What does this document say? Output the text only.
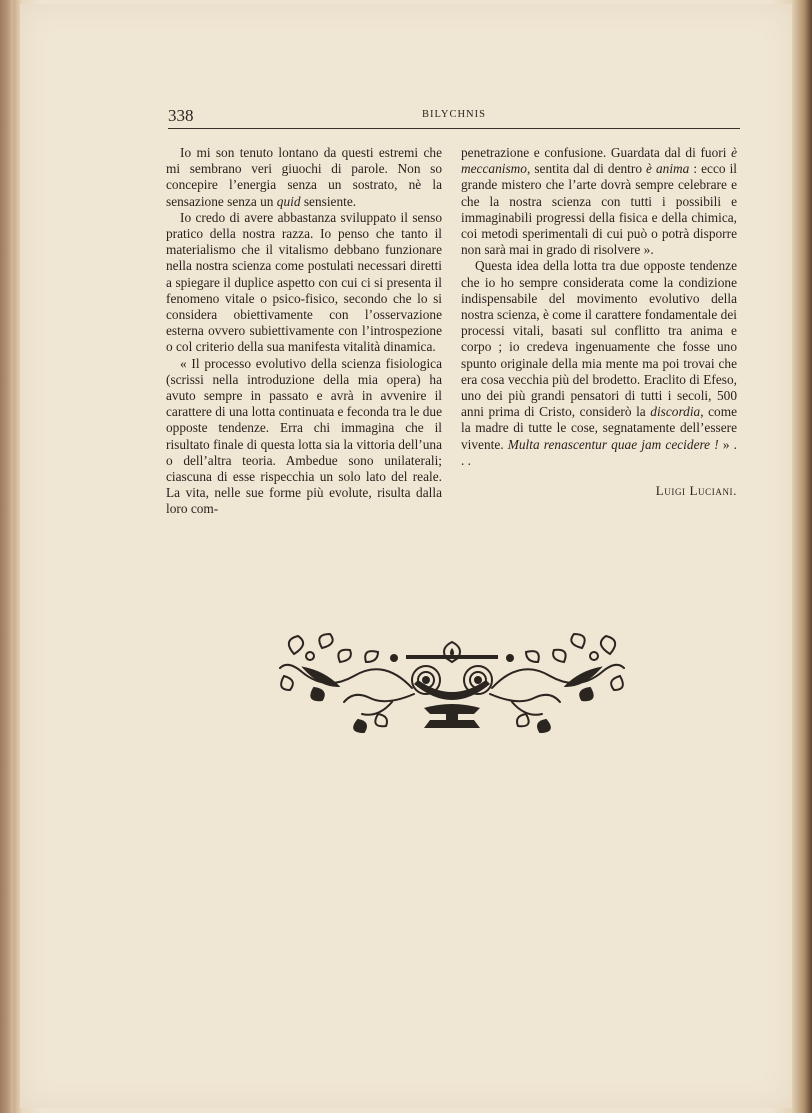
338	BILYCHNIS

Io mi son tenuto lontano da questi estremi che mi sembrano veri giuochi di parole. Non so concepire l’energia senza un sostrato, nè la sensazione senza un quid sensiente.

Io credo di avere abbastanza sviluppato il senso pratico della nostra razza. Io penso che tanto il materialismo che il vitalismo debbano funzionare nella nostra scienza come postulati necessari diretti a spiegare il duplice aspetto con cui ci si presenta il fenomeno vitale o psico-fisico, secondo che lo si considera obiettivamente con l’osservazione esterna ovvero subiettivamente con l’introspezione o col criterio della sua manifesta vitalità dinamica.

« Il processo evolutivo della scienza fisiologica (scrissi nella introduzione della mia opera) ha avuto sempre in passato e avrà in avvenire il carattere di una lotta continuata e feconda tra le due opposte tendenze. Erra chi immagina che il risultato finale di questa lotta sia la vittoria dell’una o dell’altra teoria. Ambedue sono unilaterali; ciascuna di esse rispecchia un solo lato del reale. La vita, nelle sue forme più evolute, risulta dalla loro com-

penetrazione e confusione. Guardata dal di fuori è meccanismo, sentita dal di dentro è anima : ecco il grande mistero che l’arte dovrà sempre celebrare e che la nostra scienza con tutti i possibili e immaginabili progressi della fisica e della chimica, coi metodi sperimentali di cui può o potrà disporre non sarà mai in grado di risolvere ».

Questa idea della lotta tra due opposte tendenze che io ho sempre considerata come la condizione indispensabile del movimento evolutivo della nostra scienza, è come il carattere fondamentale dei processi vitali, basati sul conflitto tra anima e corpo ; io credeva ingenuamente che fosse uno spunto originale della mia mente ma poi trovai che era cosa vecchia più del brodetto. Eraclito di Efeso, uno dei più grandi pensatori di tutti i secoli, 500 anni prima di Cristo, considerò la discordia, come la madre di tutte le cose, segnatamente dell’essere vivente. Multa renascentur quae jam cecidere ! » . . .

Luigi Luciani.
